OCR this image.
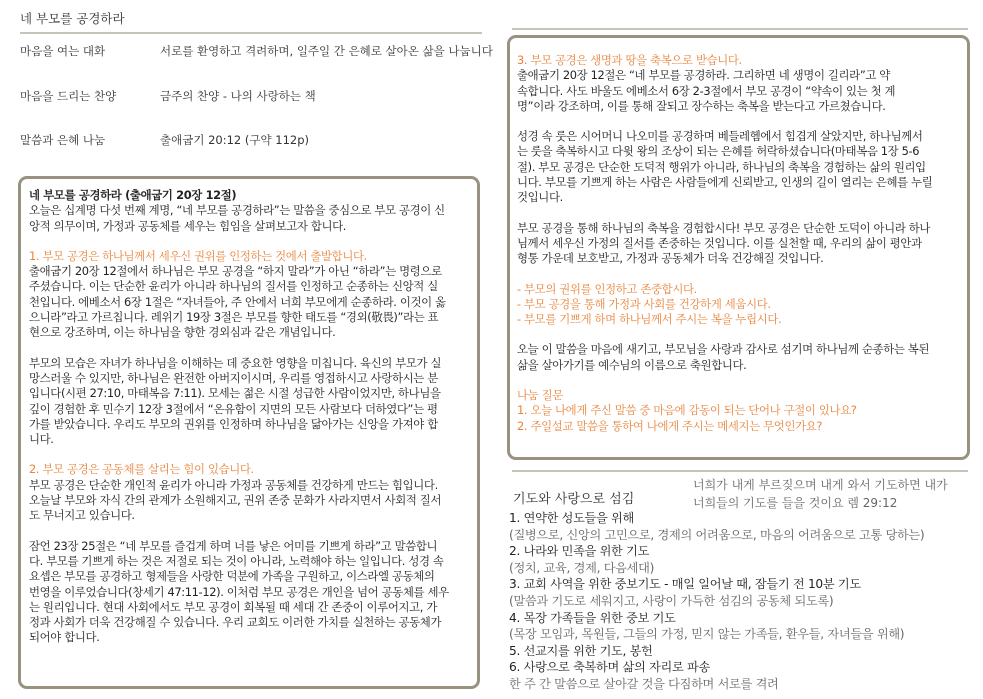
네 부모를 공경하라
마음을 여는 대화	서로를 환영하고 격려하며, 일주일 간 은혜로 살아온 삶을 나눕니다
마음을 드리는 찬양	금주의 찬양 - 나의 사랑하는 책
말씀과 은혜 나눔	출애굽기 20:12 (구약 112p)

네 부모를 공경하라 (출애굽기 20장 12절)

오늘은 십계명 다섯 번째 계명, “네 부모를 공경하라”는 말씀을 중심으로 부모 공경이 신

앙적 의무이며, 가정과 공동체를 세우는 힘임을 살펴보고자 합니다.

1. 부모 공경은 하나님께서 세우신 권위를 인정하는 것에서 출발합니다.

출애굽기 20장 12절에서 하나님은 부모 공경을 “하지 말라”가 아닌 “하라”는 명령으로

주셨습니다. 이는 단순한 윤리가 아니라 하나님의 질서를 인정하고 순종하는 신앙적 실

천입니다. 에베소서 6장 1절은 “자녀들아, 주 안에서 너희 부모에게 순종하라. 이것이 옳

으니라”라고 가르칩니다. 레위기 19장 3절은 부모를 향한 태도를 “경외(敬畏)”라는 표

현으로 강조하며, 이는 하나님을 향한 경외심과 같은 개념입니다.

부모의 모습은 자녀가 하나님을 이해하는 데 중요한 영향을 미칩니다. 육신의 부모가 실

망스러울 수 있지만, 하나님은 완전한 아버지이시며, 우리를 영접하시고 사랑하시는 분

입니다(시편 27:10, 마태복음 7:11). 모세는 젊은 시절 성급한 사람이었지만, 하나님을

깊이 경험한 후 민수기 12장 3절에서 “온유함이 지면의 모든 사람보다 더하였다”는 평

가를 받았습니다. 우리도 부모의 권위를 인정하며 하나님을 닮아가는 신앙을 가져야 합

니다.

2. 부모 공경은 공동체를 살리는 힘이 있습니다.

부모 공경은 단순한 개인적 윤리가 아니라 가정과 공동체를 건강하게 만드는 힘입니다.

오늘날 부모와 자식 간의 관계가 소원해지고, 권위 존중 문화가 사라지면서 사회적 질서

도 무너지고 있습니다.

잠언 23장 25절은 “네 부모를 즐겁게 하며 너를 낳은 어미를 기쁘게 하라”고 말씀합니

다. 부모를 기쁘게 하는 것은 저절로 되는 것이 아니라, 노력해야 하는 일입니다. 성경 속

요셉은 부모를 공경하고 형제들을 사랑한 덕분에 가족을 구원하고, 이스라엘 공동체의

번영을 이루었습니다(창세기 47:11-12). 이처럼 부모 공경은 개인을 넘어 공동체를 세우

는 원리입니다. 현대 사회에서도 부모 공경이 회복될 때 세대 간 존중이 이루어지고, 가

정과 사회가 더욱 건강해질 수 있습니다. 우리 교회도 이러한 가치를 실천하는 공동체가

되어야 합니다.

3. 부모 공경은 생명과 땅을 축복으로 받습니다.

출애굽기 20장 12절은 “네 부모를 공경하라. 그리하면 네 생명이 길리라”고 약

속합니다. 사도 바울도 에베소서 6장 2-3절에서 부모 공경이 “약속이 있는 첫 계

명”이라 강조하며, 이를 통해 잘되고 장수하는 축복을 받는다고 가르쳤습니다.

성경 속 룻은 시어머니 나오미를 공경하며 베들레헴에서 힘겹게 살았지만, 하나님께서

는 룻을 축복하시고 다윗 왕의 조상이 되는 은혜를 허락하셨습니다(마태복음 1장 5-6

절). 부모 공경은 단순한 도덕적 행위가 아니라, 하나님의 축복을 경험하는 삶의 원리입

니다. 부모를 기쁘게 하는 사람은 사람들에게 신뢰받고, 인생의 길이 열리는 은혜를 누릴

것입니다.

부모 공경을 통해 하나님의 축복을 경험합시다! 부모 공경은 단순한 도덕이 아니라 하나

님께서 세우신 가정의 질서를 존중하는 것입니다. 이를 실천할 때, 우리의 삶이 평안과

형통 가운데 보호받고, 가정과 공동체가 더욱 건강해질 것입니다.

- 부모의 권위를 인정하고 존중합시다.

- 부모 공경을 통해 가정과 사회를 건강하게 세웁시다.

- 부모를 기쁘게 하며 하나님께서 주시는 복을 누립시다.

오늘 이 말씀을 마음에 새기고, 부모님을 사랑과 감사로 섬기며 하나님께 순종하는 복된

삶을 살아가기를 예수님의 이름으로 축원합니다.

나눔 질문

1. 오늘 나에게 주신 말씀 중 마음에 감동이 되는 단어나 구절이 있나요?

2. 주일설교 말씀을 통하여 나에게 주시는 메세지는 무엇인가요?

기도와 사랑으로 섬김
너희가 내게 부르짖으며 내게 와서 기도하면 내가
너희들의 기도를 들을 것이요 렘 29:12

1. 연약한 성도들을 위해

(질병으로, 신앙의 고민으로, 경제의 어려움으로, 마음의 어려움으로 고통 당하는)

2. 나라와 민족을 위한 기도

(정치, 교육, 경제, 다음세대)

3. 교회 사역을 위한 중보기도 - 매일 일어날 때, 잠들기 전 10분 기도

(말씀과 기도로 세워지고, 사랑이 가득한 섬김의 공동체 되도록)

4. 목장 가족들을 위한 중보 기도

(목장 모임과, 목원들, 그들의 가정, 믿지 않는 가족들, 환우들, 자녀들을 위해)

5. 선교지를 위한 기도, 봉헌

6. 사랑으로 축복하며 삶의 자리로 파송

한 주 간 말씀으로 살아갈 것을 다짐하며 서로를 격려
